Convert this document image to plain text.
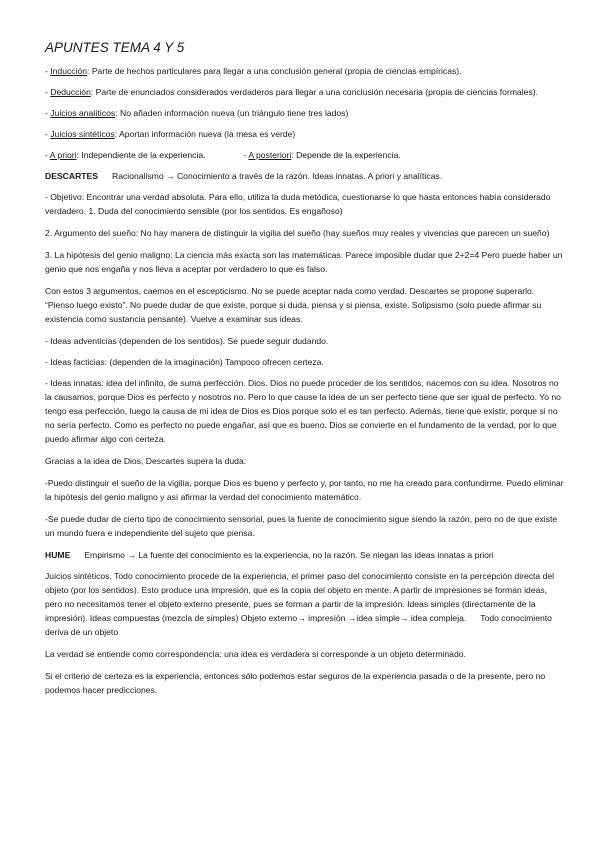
APUNTES TEMA 4 Y 5
- Inducción: Parte de hechos particulares para llegar a una conclusión general (propia de ciencias empíricas).
- Deducción: Parte de enunciados considerados verdaderos para llegar a una conclusión necesaria (propia de ciencias formales).
- Juicios analíticos: No añaden información nueva (un triángulo tiene tres lados)
- Juicios sintéticos: Aportan información nueva (la mesa es verde)
- A priori: Independiente de la experiencia.	- A posteriori: Depende de la experiencia.
DESCARTES Racionalismo → Conocimiento a través de la razón. Ideas innatas. A priori y analíticas.
- Objetivo: Encontrar una verdad absoluta. Para ello, utiliza la duda metódica, cuestionarse lo que hasta entonces había considerado verdadero. 1. Duda del conocimiento sensible (por los sentidos. Es engañoso)
2. Argumento del sueño: No hay manera de distinguir la vigilia del sueño (hay sueños muy reales y vivencias que parecen un sueño)
3. La hipótesis del genio maligno: La ciencia más exacta son las matemáticas. Parece imposible dudar que 2+2=4 Pero puede haber un genio que nos engaña y nos lleva a aceptar por verdadero lo que es falso.
Con estos 3 argumentos, caemos en el escepticismo. No se puede aceptar nada como verdad. Descartes se propone superarlo. “Pienso luego existo”. No puede dudar de que existe, porque si duda, piensa y si piensa, existe. Solipsismo (solo puede afirmar su existencia como sustancia pensante). Vuelve a examinar sus ideas.
- Ideas adventicias (dependen de los sentidos). Se puede seguir dudando.
- Ideas facticias: (dependen de la imaginación) Tampoco ofrecen certeza.
- Ideas innatas: idea del infinito, de suma perfección. Dios. Dios no puede proceder de los sentidos, nacemos con su idea. Nosotros no la causamos, porque Dios es perfecto y nosotros no. Pero lo que cause la idea de un ser perfecto tiene que ser igual de perfecto. Yo no tengo esa perfección, luego la causa de mi idea de Dios es Dios porque solo el es tan perfecto. Además, tiene que existir, porque si no no sería perfecto. Como es perfecto no puede engañar, así que es bueno. Dios se convierte en el fundamento de la verdad, por lo que puedo afirmar algo con certeza.
Gracias a la idea de Dios, Descartes supera la duda:
-Puedo distinguir el sueño de la vigilia, porque Dios es bueno y perfecto y, por tanto, no me ha creado para confundirme. Puedo eliminar la hipótesis del genio maligno y así afirmar la verdad del conocimiento matemático.
-Se puede dudar de cierto tipo de conocimiento sensorial, pues la fuente de conocimiento sigue siendo la razón, pero no de que existe un mundo fuera e independiente del sujeto que piensa.
HUME Empirismo → La fuente del conocimiento es la experiencia, no la razón. Se niegan las ideas innatas a priori
Juicios sintéticos. Todo conocimiento procede de la experiencia, el primer paso del conocimiento consiste en la percepción directa del objeto (por los sentidos). Esto produce una impresión, que es la copia del objeto en mente. A partir de impresiones se forman ideas, pero no necesitamos tener el objeto externo presente, pues se forman a partir de la impresión. Ideas simples (directamente de la impresión). Ideas compuestas (mezcla de simples) Objeto externo→ impresión →idea simple→ idea compleja. Todo conocimiento deriva de un objeto
La verdad se entiende como correspondencia: una idea es verdadera si corresponde a un objeto determinado.
Si el criterio de certeza es la experiencia, entonces sólo podemos estar seguros de la experiencia pasada o de la presente, pero no podemos hacer predicciones.
